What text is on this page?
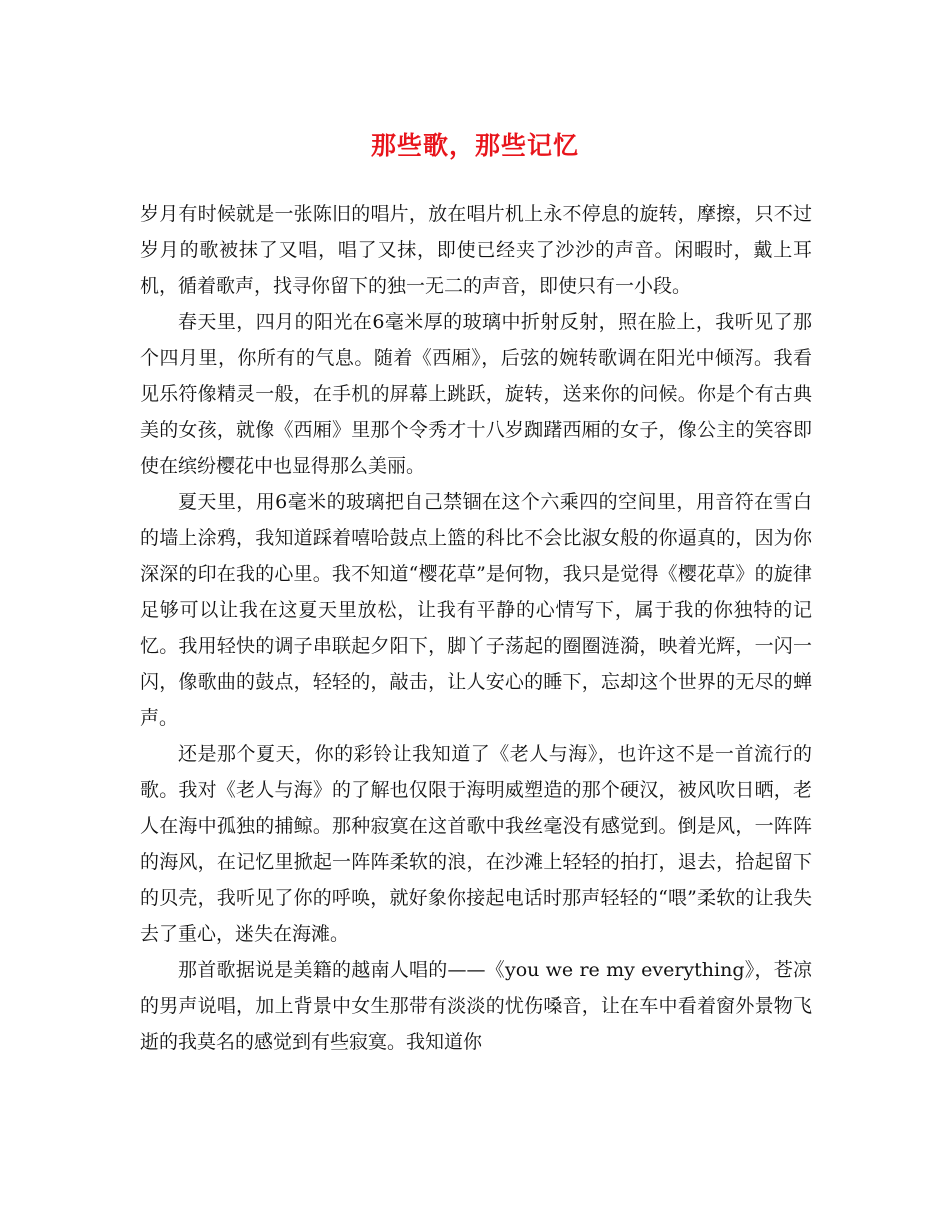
那些歌，那些记忆

岁月有时候就是一张陈旧的唱片，放在唱片机上永不停息的旋转，摩擦，只不过岁月的歌被抹了又唱，唱了又抹，即使已经夹了沙沙的声音。闲暇时，戴上耳机，循着歌声，找寻你留下的独一无二的声音，即使只有一小段。

春天里，四月的阳光在6毫米厚的玻璃中折射反射，照在脸上，我听见了那个四月里，你所有的气息。随着《西厢》，后弦的婉转歌调在阳光中倾泻。我看见乐符像精灵一般，在手机的屏幕上跳跃，旋转，送来你的问候。你是个有古典美的女孩，就像《西厢》里那个令秀才十八岁踟躇西厢的女子，像公主的笑容即使在缤纷樱花中也显得那么美丽。

夏天里，用6毫米的玻璃把自己禁锢在这个六乘四的空间里，用音符在雪白的墙上涂鸦，我知道踩着嘻哈鼓点上篮的科比不会比淑女般的你逼真的，因为你深深的印在我的心里。我不知道“樱花草”是何物，我只是觉得《樱花草》的旋律足够可以让我在这夏天里放松，让我有平静的心情写下，属于我的你独特的记忆。我用轻快的调子串联起夕阳下，脚丫子荡起的圈圈涟漪，映着光辉，一闪一闪，像歌曲的鼓点，轻轻的，敲击，让人安心的睡下，忘却这个世界的无尽的蝉声。

还是那个夏天，你的彩铃让我知道了《老人与海》，也许这不是一首流行的歌。我对《老人与海》的了解也仅限于海明威塑造的那个硬汉，被风吹日晒，老人在海中孤独的捕鲸。那种寂寞在这首歌中我丝毫没有感觉到。倒是风，一阵阵的海风，在记忆里掀起一阵阵柔软的浪，在沙滩上轻轻的拍打，退去，拾起留下的贝壳，我听见了你的呼唤，就好象你接起电话时那声轻轻的“喂”柔软的让我失去了重心，迷失在海滩。

那首歌据说是美籍的越南人唱的——《you we re my everything》，苍凉的男声说唱，加上背景中女生那带有淡淡的忧伤嗓音，让在车中看着窗外景物飞逝的我莫名的感觉到有些寂寞。我知道你
